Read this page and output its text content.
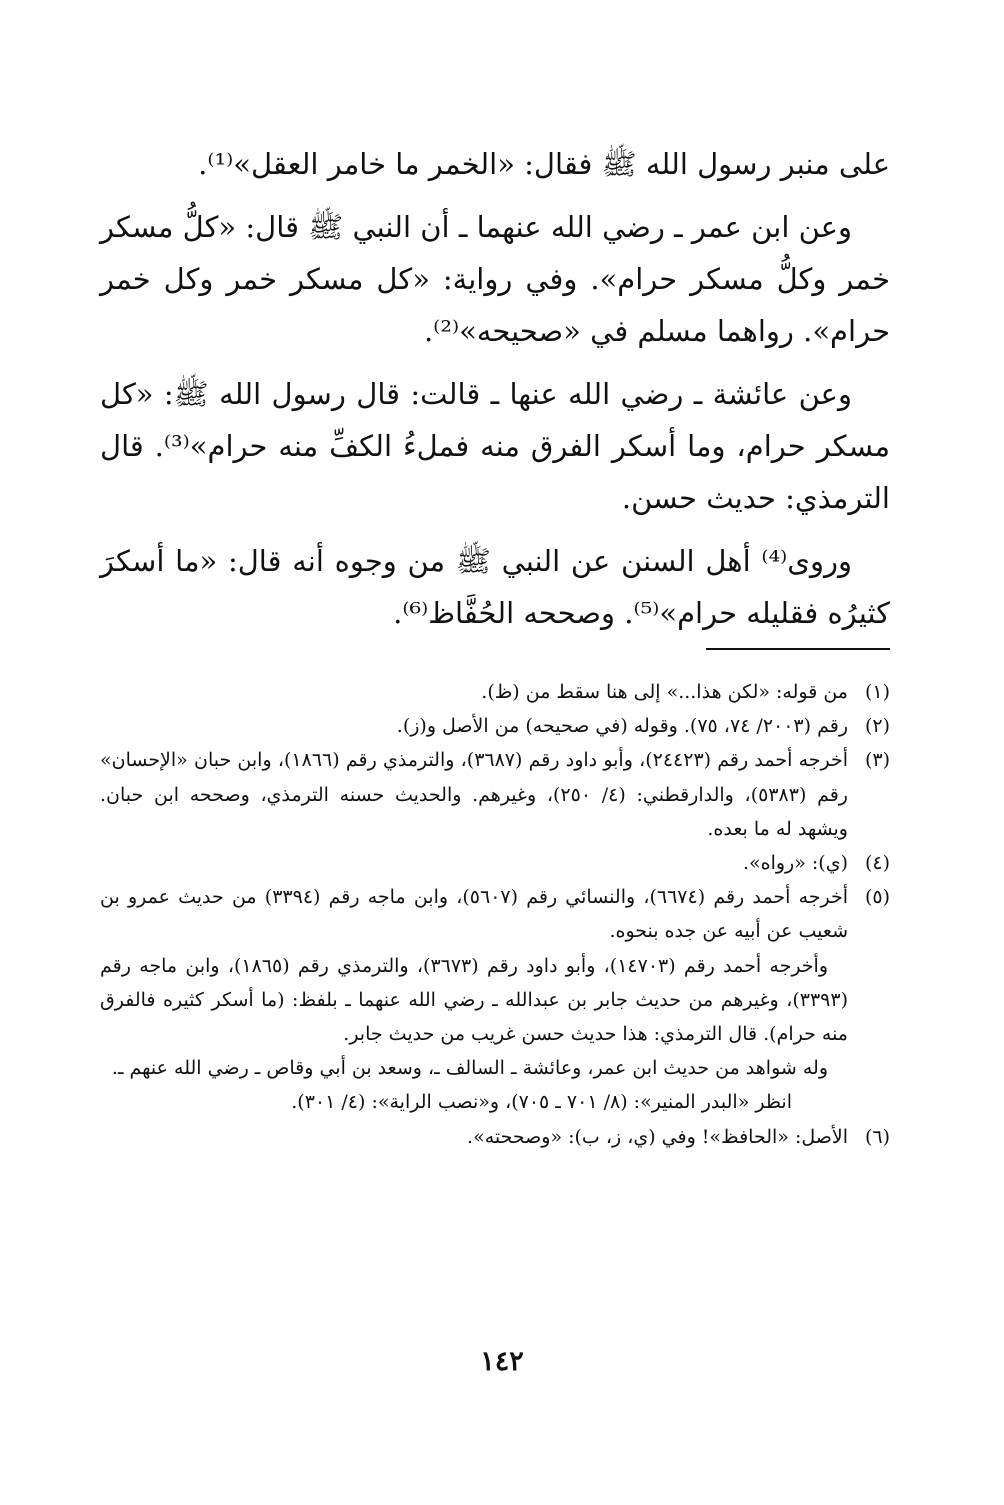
على منبر رسول الله ﷺ فقال: «الخمر ما خامر العقل»⁽¹⁾.

وعن ابن عمر ـ رضي الله عنهما ـ أن النبي ﷺ قال: «كلُّ مسكر خمر وكلُّ مسكر حرام». وفي رواية: «كل مسكر خمر وكل خمر حرام». رواهما مسلم في «صحيحه»⁽²⁾.

وعن عائشة ـ رضي الله عنها ـ قالت: قال رسول الله ﷺ: «كل مسكر حرام، وما أسكر الفرق منه فملءُ الكفِّ منه حرام»⁽³⁾. قال الترمذي: حديث حسن.

وروى⁽⁴⁾ أهل السنن عن النبي ﷺ من وجوه أنه قال: «ما أسكرَ كثيرُه فقليله حرام»⁽⁵⁾. وصححه الحُفَّاظ⁽⁶⁾.

(١)

من قوله: «لكن هذا...» إلى هنا سقط من (ظ).

(٢)

رقم (٢٠٠٣/ ٧٤، ٧٥). وقوله (في صحيحه) من الأصل و(ز).

(٣)

أخرجه أحمد رقم (٢٤٤٢٣)، وأبو داود رقم (٣٦٨٧)، والترمذي رقم (١٨٦٦)، وابن حبان «الإحسان» رقم (٥٣٨٣)، والدارقطني: (٤/ ٢٥٠)، وغيرهم. والحديث حسنه الترمذي، وصححه ابن حبان. ويشهد له ما بعده.

(٤)

(ي): «رواه».

(٥)

أخرجه أحمد رقم (٦٦٧٤)، والنسائي رقم (٥٦٠٧)، وابن ماجه رقم (٣٣٩٤) من حديث عمرو بن شعيب عن أبيه عن جده بنحوه.

وأخرجه أحمد رقم (١٤٧٠٣)، وأبو داود رقم (٣٦٧٣)، والترمذي رقم (١٨٦٥)، وابن ماجه رقم (٣٣٩٣)، وغيرهم من حديث جابر بن عبدالله ـ رضي الله عنهما ـ بلفظ: (ما أسكر كثيره فالفرق منه حرام). قال الترمذي: هذا حديث حسن غريب من حديث جابر.

وله شواهد من حديث ابن عمر، وعائشة ـ السالف ـ، وسعد بن أبي وقاص ـ رضي الله عنهم ـ.

انظر «البدر المنير»: (٨/ ٧٠١ ـ ٧٠٥)، و«نصب الراية»: (٤/ ٣٠١).

(٦)

الأصل: «الحافظ»! وفي (ي، ز، ب): «وصححته».

١٤٢
